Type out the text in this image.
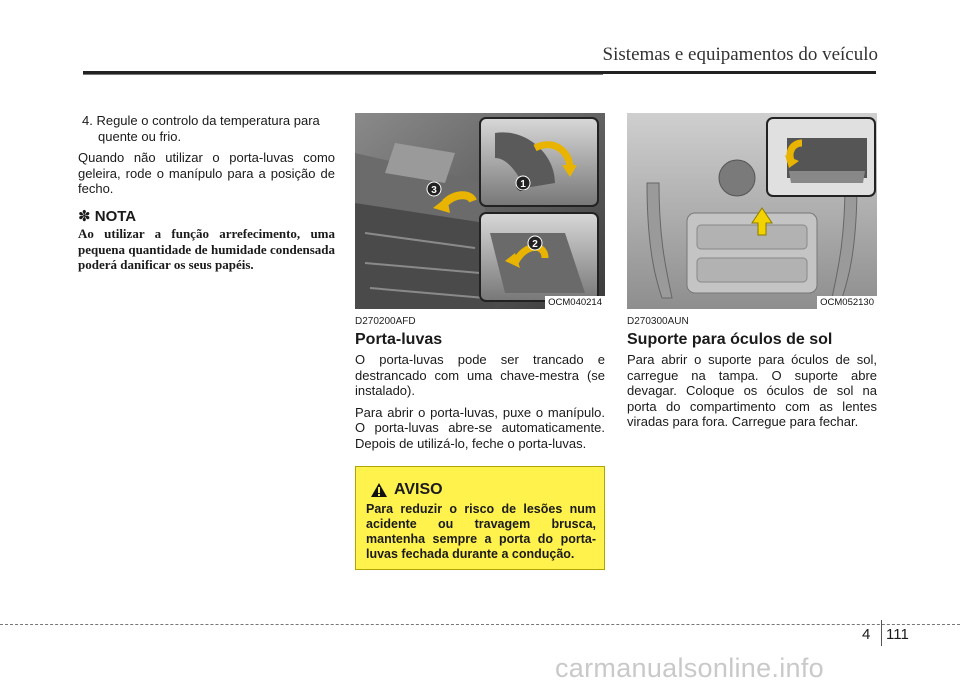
Sistemas e equipamentos do veículo

4. Regule o controlo da temperatura para quente ou frio.

Quando não utilizar o porta-luvas como geleira, rode o manípulo para a posição de fecho.

✽ NOTA
Ao utilizar a função arrefecimento, uma pequena quantidade de humidade condensada poderá danificar os seus papéis.
1
2
3
OCM040214	OCM052130
D270200AFD
Porta-luvas

O porta-luvas pode ser trancado e destrancado com uma chave-mestra (se instalado).

Para abrir o porta-luvas, puxe o manípulo. O porta-luvas abre-se automaticamente. Depois de utilizá-lo, feche o porta-luvas.

AVISO
Para reduzir o risco de lesões num acidente ou travagem brusca, mantenha sempre a porta do porta-luvas fechada durante a condução.
D270300AUN
Suporte para óculos de sol

Para abrir o suporte para óculos de sol, carregue na tampa. O suporte abre devagar. Coloque os óculos de sol na porta do compartimento com as lentes viradas para fora. Carregue para fechar.

4 111
carmanualsonline.info
